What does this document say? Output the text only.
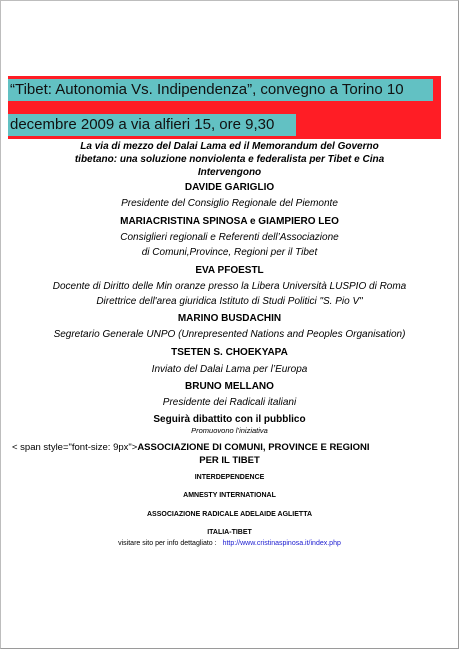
“Tibet: Autonomia Vs. Indipendenza”, convegno a Torino 10
decembre 2009 a via alfieri 15, ore 9,30
La via di mezzo del Dalai Lama ed il Memorandum del Governo
tibetano: una soluzione nonviolenta e federalista per Tibet e Cina
Intervengono
DAVIDE GARIGLIO
Presidente del Consiglio Regionale del Piemonte
MARIACRISTINA SPINOSA e GIAMPIERO LEO
Consiglieri regionali e Referenti dell’Associazione
di Comuni,Province, Regioni per il Tibet
EVA PFOESTL
Docente di Diritto delle Min oranze presso la Libera Università LUSPIO di Roma
Direttrice dell'area giuridica Istituto di Studi Politici "S. Pio V"
MARINO BUSDACHIN
Segretario Generale UNPO (Unrepresented Nations and Peoples Organisation)
TSETEN S. CHOEKYAPA
Inviato del Dalai Lama per l’Europa
BRUNO MELLANO
Presidente dei Radicali italiani
Seguirà dibattito con il pubblico
Promuovono l’iniziativa
< span style="font-size: 9px">ASSOCIAZIONE DI COMUNI, PROVINCE E REGIONI
PER IL TIBET
INTERDEPENDENCE
AMNESTY INTERNATIONAL
ASSOCIAZIONE RADICALE ADELAIDE AGLIETTA
ITALIA-TIBET
visitare sito per info dettagliato : http://www.cristinaspinosa.it/index.php
